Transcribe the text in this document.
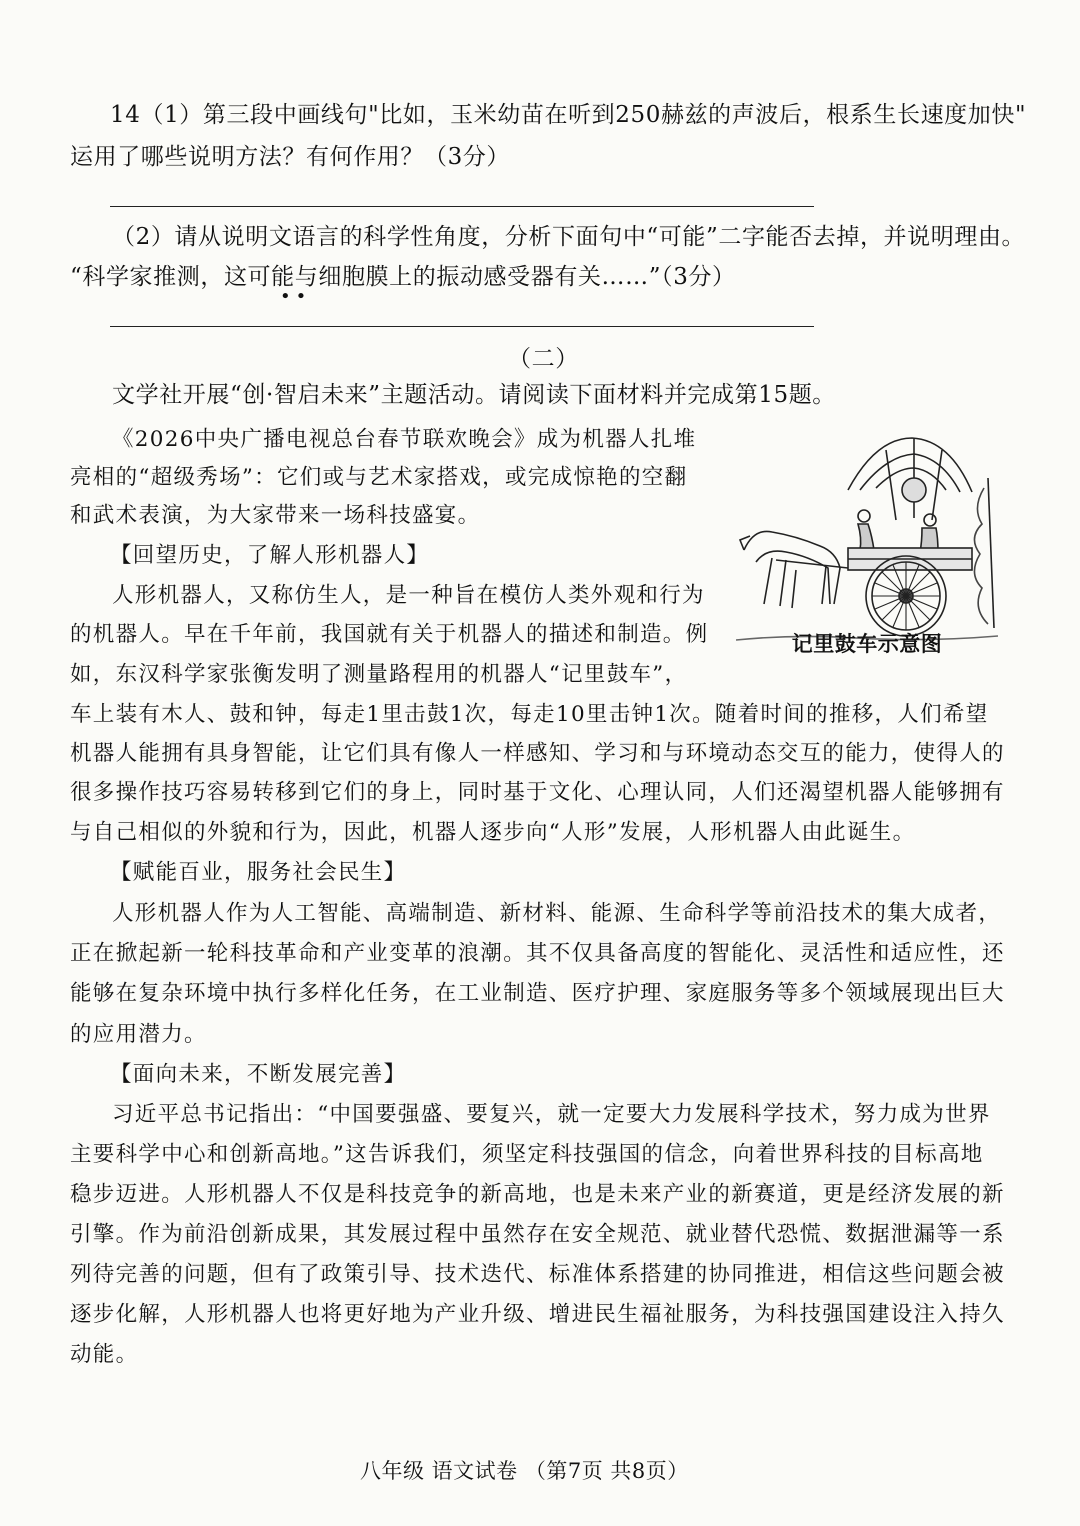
14（1）第三段中画线句"比如，玉米幼苗在听到250赫兹的声波后，根系生长速度加快"
运用了哪些说明方法？有何作用？（3分）
（2）请从说明文语言的科学性角度，分析下面句中“可能”二字能否去掉，并说明理由。
“科学家推测，这可能与细胞膜上的振动感受器有关……”（3分）
••
（二）
文学社开展“创·智启未来”主题活动。请阅读下面材料并完成第15题。
《2026中央广播电视总台春节联欢晚会》成为机器人扎堆
亮相的“超级秀场”：它们或与艺术家搭戏，或完成惊艳的空翻
和武术表演，为大家带来一场科技盛宴。
【回望历史，了解人形机器人】
人形机器人，又称仿生人，是一种旨在模仿人类外观和行为
的机器人。早在千年前，我国就有关于机器人的描述和制造。例
如，东汉科学家张衡发明了测量路程用的机器人“记里鼓车”，
车上装有木人、鼓和钟，每走1里击鼓1次，每走10里击钟1次。随着时间的推移，人们希望
机器人能拥有具身智能，让它们具有像人一样感知、学习和与环境动态交互的能力，使得人的
很多操作技巧容易转移到它们的身上，同时基于文化、心理认同，人们还渴望机器人能够拥有
与自己相似的外貌和行为，因此，机器人逐步向“人形”发展，人形机器人由此诞生。
【赋能百业，服务社会民生】
人形机器人作为人工智能、高端制造、新材料、能源、生命科学等前沿技术的集大成者，
正在掀起新一轮科技革命和产业变革的浪潮。其不仅具备高度的智能化、灵活性和适应性，还
能够在复杂环境中执行多样化任务，在工业制造、医疗护理、家庭服务等多个领域展现出巨大
的应用潜力。
【面向未来，不断发展完善】
习近平总书记指出：“中国要强盛、要复兴，就一定要大力发展科学技术，努力成为世界
主要科学中心和创新高地。”这告诉我们，须坚定科技强国的信念，向着世界科技的目标高地
稳步迈进。人形机器人不仅是科技竞争的新高地，也是未来产业的新赛道，更是经济发展的新
引擎。作为前沿创新成果，其发展过程中虽然存在安全规范、就业替代恐慌、数据泄漏等一系
列待完善的问题，但有了政策引导、技术迭代、标准体系搭建的协同推进，相信这些问题会被
逐步化解，人形机器人也将更好地为产业升级、增进民生福祉服务，为科技强国建设注入持久
动能。
记里鼓车示意图
八年级 语文试卷 （第7页 共8页）
